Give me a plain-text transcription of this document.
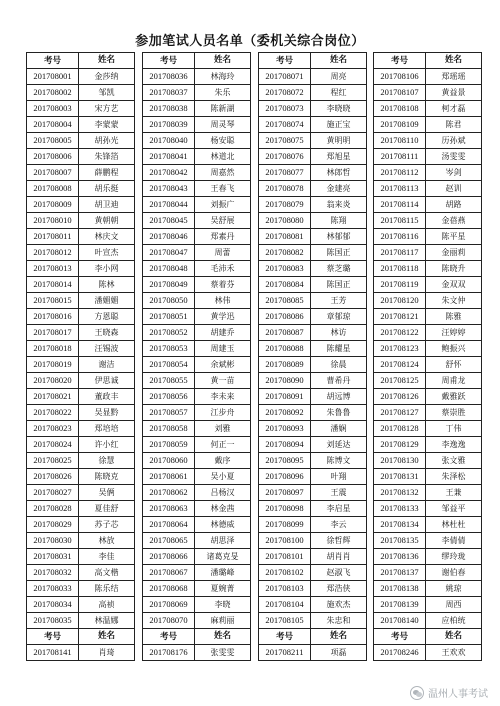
参加笔试人员名单（委机关综合岗位）
考号	姓名
201708001	金莎纳
201708002	邹凯
201708003	宋方艺
201708004	李蒙蒙
201708005	胡孙光
201708006	朱锋箔
201708007	薛鹏程
201708008	胡乐挺
201708009	胡卫迪
201708010	黄朝朝
201708011	林庆文
201708012	叶宣杰
201708013	李小网
201708014	陈林
201708015	潘媚媚
201708016	方恩聪
201708017	王晓森
201708018	汪锡波
201708019	谢洁
201708020	伊思诚
201708021	董政丰
201708022	吴显黔
201708023	郑培培
201708024	许小红
201708025	徐慧
201708026	陈晓克
201708027	吴俩
201708028	夏佳舒
201708029	苏子芯
201708030	林放
201708031	李佳
201708032	高文楷
201708033	陈乐结
201708034	高祯
201708035	林温娜
考号	姓名
201708141	肖琦
考号	姓名
201708036	林海玲
201708037	朱乐
201708038	陈新湖
201708039	周灵琴
201708040	杨安聪
201708041	林道北
201708042	周嘉然
201708043	王春飞
201708044	刘振广
201708045	吴舒展
201708046	郑素丹
201708047	周蕾
201708048	毛沛禾
201708049	蔡着芬
201708050	林伟
201708051	黄学迅
201708052	胡建乔
201708053	周建玉
201708054	余斌彬
201708055	黄一苗
201708056	李未来
201708057	江步舟
201708058	刘雅
201708059	何正一
201708060	戴序
201708061	吴小夏
201708062	吕杨汉
201708063	林金茜
201708064	林德威
201708065	胡思泽
201708066	诸葛克旻
201708067	潘璐峰
201708068	夏婉菁
201708069	李晓
201708070	麻莉丽
考号	姓名
201708176	张雯雯
考号	姓名
201708071	周亮
201708072	程红
201708073	李晓晓
201708074	施正宝
201708075	黄明明
201708076	郑旭星
201708077	林郎哲
201708078	金建亮
201708079	翁来炎
201708080	陈翔
201708081	林郁郁
201708082	陈国正
201708083	蔡芝璐
201708084	陈国正
201708085	王芳
201708086	章郁琼
201708087	林访
201708088	陈耀星
201708089	徐晨
201708090	曹希丹
201708091	胡远博
201708092	朱鲁鲁
201708093	潘娴
201708094	刘延达
201708095	陈博文
201708096	叶翔
201708097	王震
201708098	李启星
201708099	李云
201708100	徐哲辉
201708101	胡肖肖
201708102	赵淑飞
201708103	郑浩侠
201708104	施欢杰
201708105	朱忠和
考号	姓名
201708211	项磊
考号	姓名
201708106	郑瑶瑶
201708107	黄益景
201708108	柯才磊
201708109	陈君
201708110	历孙斌
201708111	汤雯雯
201708112	岑剑
201708113	赵训
201708114	胡路
201708115	金蓓燕
201708116	陈平星
201708117	金丽莉
201708118	陈晓升
201708119	金双双
201708120	朱文仲
201708121	陈雅
201708122	汪婷婷
201708123	鲍振兴
201708124	舒怀
201708125	周甫龙
201708126	戴雅跃
201708127	蔡崇胜
201708128	丁伟
201708129	李逸逸
201708130	张文雅
201708131	朱泽松
201708132	王兼
201708133	邹益平
201708134	林杜杜
201708135	李倩倩
201708136	缪玲珑
201708137	谢伯春
201708138	姚琼
201708139	周西
201708140	应柏统
考号	姓名
201708246	王欢欢
温州人事考试
